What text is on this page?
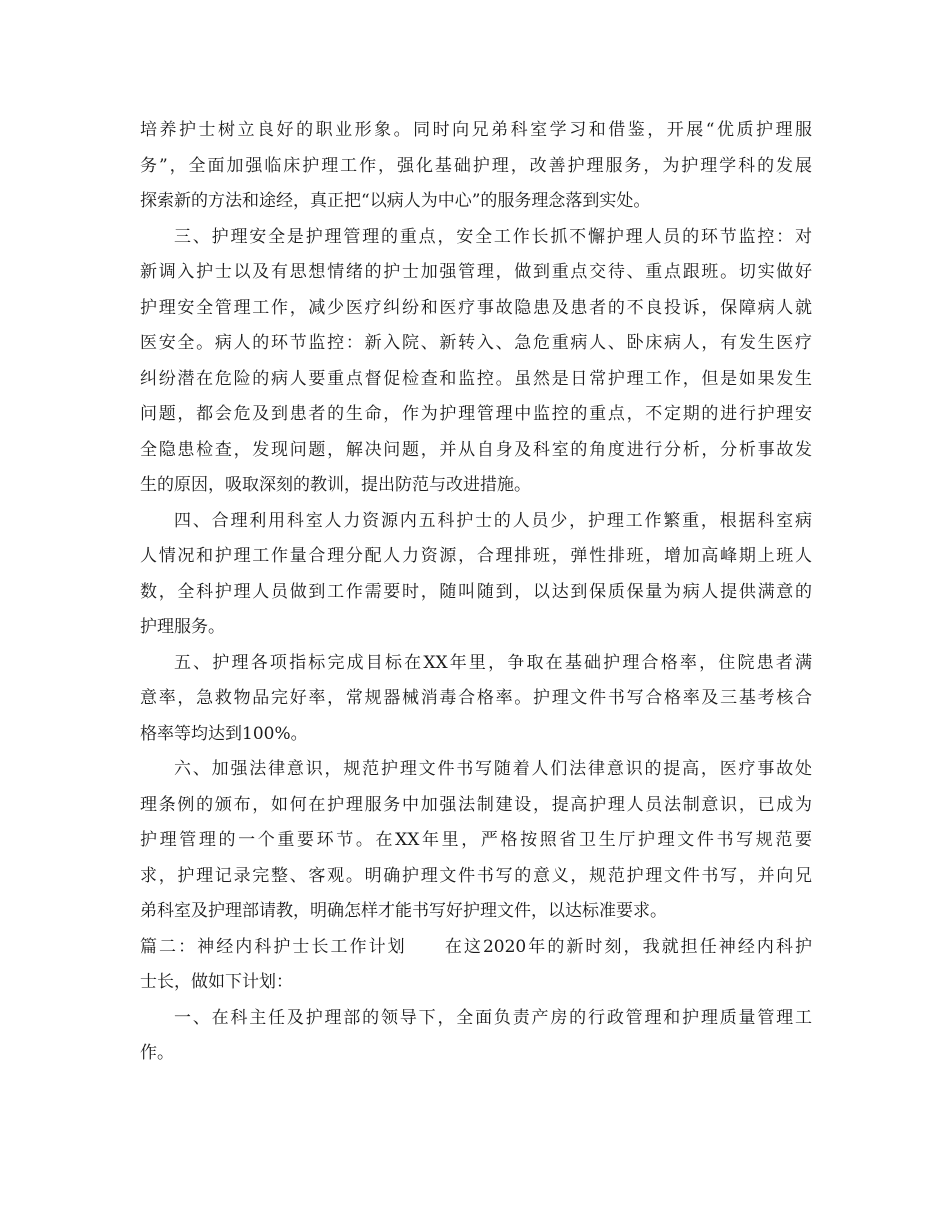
培养护士树立良好的职业形象。同时向兄弟科室学习和借鉴，开展“优质护理服
务”，全面加强临床护理工作，强化基础护理，改善护理服务，为护理学科的发展
探索新的方法和途经，真正把“以病人为中心”的服务理念落到实处。
三、护理安全是护理管理的重点，安全工作长抓不懈护理人员的环节监控：对
新调入护士以及有思想情绪的护士加强管理，做到重点交待、重点跟班。切实做好
护理安全管理工作，减少医疗纠纷和医疗事故隐患及患者的不良投诉，保障病人就
医安全。病人的环节监控：新入院、新转入、急危重病人、卧床病人，有发生医疗
纠纷潜在危险的病人要重点督促检查和监控。虽然是日常护理工作，但是如果发生
问题，都会危及到患者的生命，作为护理管理中监控的重点，不定期的进行护理安
全隐患检查，发现问题，解决问题，并从自身及科室的角度进行分析，分析事故发
生的原因，吸取深刻的教训，提出防范与改进措施。
四、合理利用科室人力资源内五科护士的人员少，护理工作繁重，根据科室病
人情况和护理工作量合理分配人力资源，合理排班，弹性排班，增加高峰期上班人
数，全科护理人员做到工作需要时，随叫随到，以达到保质保量为病人提供满意的
护理服务。
五、护理各项指标完成目标在XX年里，争取在基础护理合格率，住院患者满
意率，急救物品完好率，常规器械消毒合格率。护理文件书写合格率及三基考核合
格率等均达到100%。
六、加强法律意识，规范护理文件书写随着人们法律意识的提高，医疗事故处
理条例的颁布，如何在护理服务中加强法制建设，提高护理人员法制意识，已成为
护理管理的一个重要环节。在XX年里，严格按照省卫生厅护理文件书写规范要
求，护理记录完整、客观。明确护理文件书写的意义，规范护理文件书写，并向兄
弟科室及护理部请教，明确怎样才能书写好护理文件，以达标准要求。
篇二：神经内科护士长工作计划　　在这2020年的新时刻，我就担任神经内科护
士长，做如下计划：
一、在科主任及护理部的领导下，全面负责产房的行政管理和护理质量管理工
作。
